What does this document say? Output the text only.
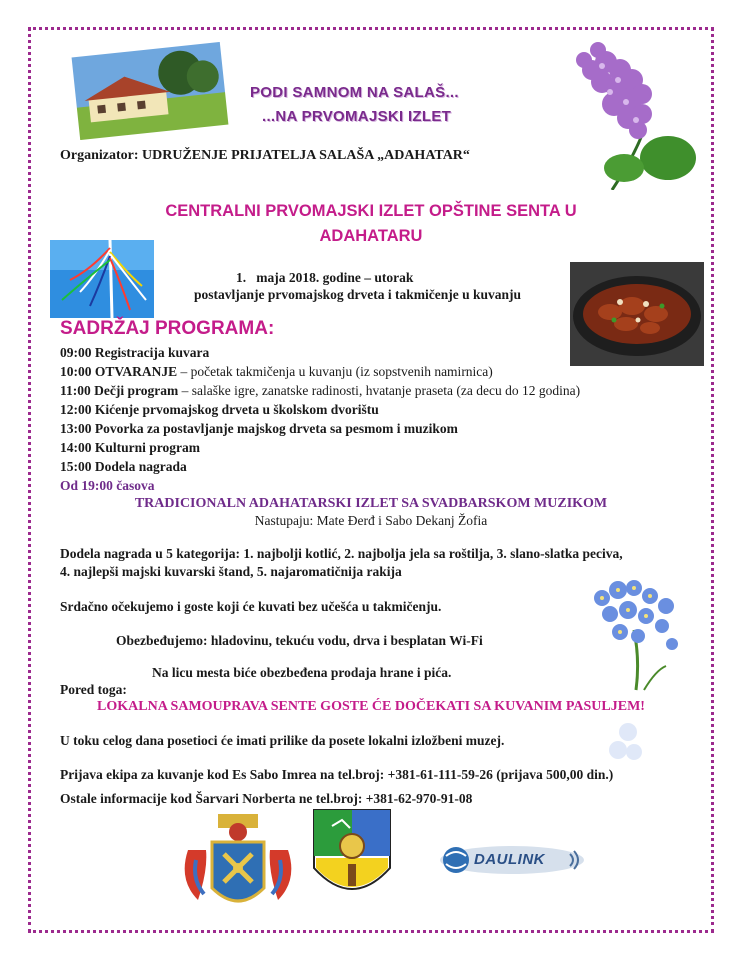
PODI SAMNOM NA SALAŠ...
...NA PRVOMAJSKI IZLET
Organizator: UDRUŽENJE PRIJATELJA SALAŠA „ADAHATAR“
CENTRALNI PRVOMAJSKI IZLET OPŠTINE SENTA U
ADAHATARU
1. maja 2018. godine – utorak
postavljanje prvomajskog drveta i takmičenje u kuvanju
SADRŽAJ PROGRAMA:
09:00 Registracija kuvara
10:00 OTVARANJE – početak takmičenja u kuvanju (iz sopstvenih namirnica)
11:00 Dečji program – salaške igre, zanatske radinosti, hvatanje praseta (za decu do 12 godina)
12:00 Kićenje prvomajskog drveta u školskom dvorištu
13:00 Povorka za postavljanje majskog drveta sa pesmom i muzikom
14:00 Kulturni program
15:00 Dodela nagrada
Od 19:00 časova
TRADICIONALN ADAHATARSKI IZLET SA SVADBARSKOM MUZIKOM
Nastupaju: Mate Đerđ i Sabo Dekanj Žofia
Dodela nagrada u 5 kategorija: 1. najbolji kotlić, 2. najbolja jela sa roštilja, 3. slano-slatka peciva,
4. najlepši majski kuvarski štand, 5. najaromatičnija rakija
Srdačno očekujemo i goste koji će kuvati bez učešća u takmičenju.
Obezbeđujemo: hladovinu, tekuću vodu, drva i besplatan Wi-Fi
Na licu mesta biće obezbeđena prodaja hrane i pića.
Pored toga:
LOKALNA SAMOUPRAVA SENTE GOSTE ĆE DOČEKATI SA KUVANIM PASULJEM!
U toku celog dana posetioci će imati prilike da posete lokalni izložbeni muzej.
Prijava ekipa za kuvanje kod Es Sabo Imrea na tel.broj: +381-61-111-59-26 (prijava 500,00 din.)
Ostale informacije kod Šarvari Norberta ne tel.broj: +381-62-970-91-08
DAULINK
